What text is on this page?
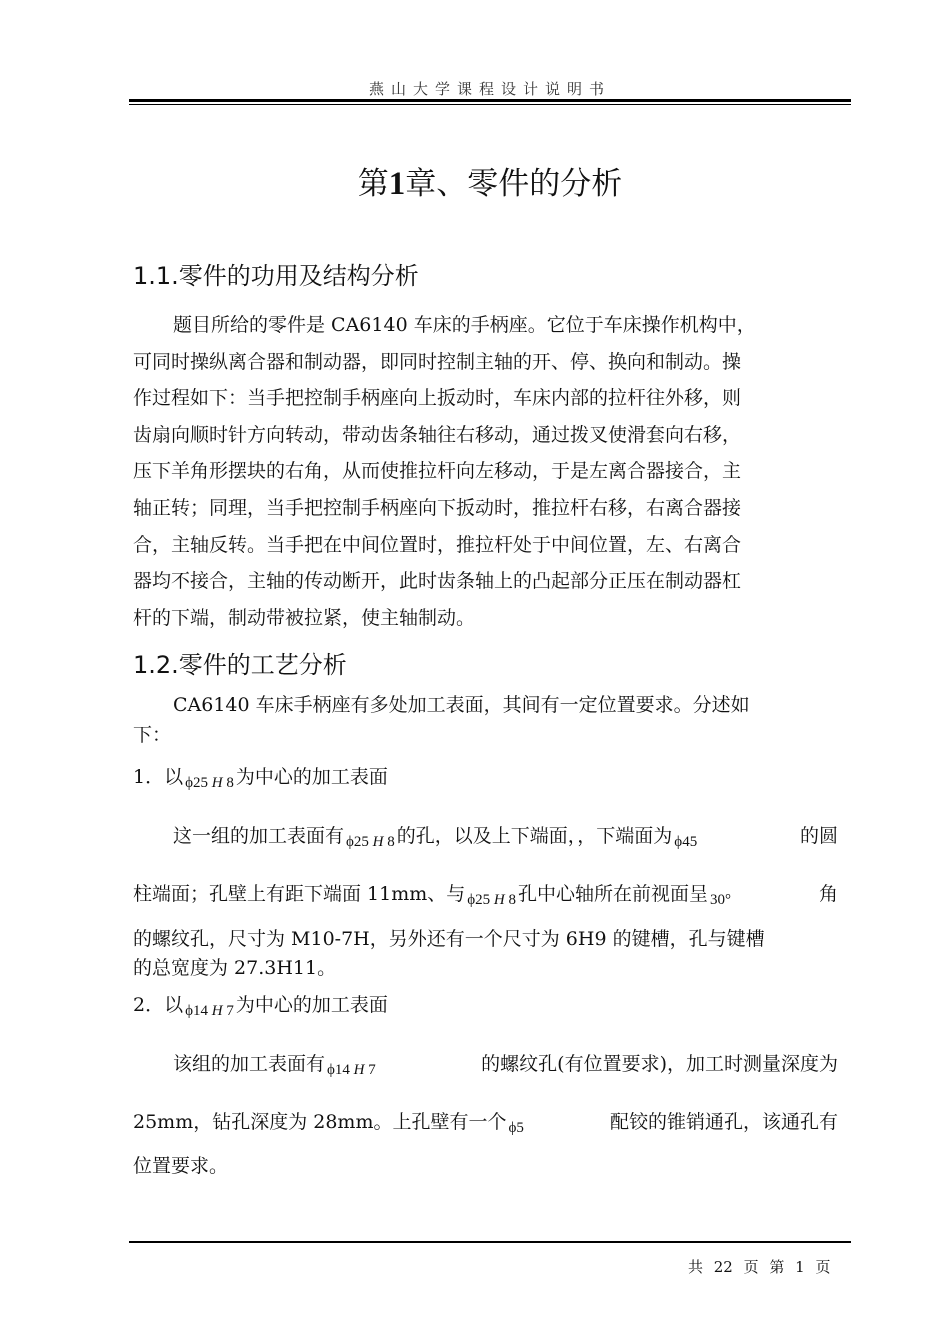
燕山大学课程设计说明书
第1章、零件的分析
1.1.零件的功用及结构分析
题目所给的零件是 CA6140 车床的手柄座。它位于车床操作机构中，
可同时操纵离合器和制动器，即同时控制主轴的开、停、换向和制动。操
作过程如下：当手把控制手柄座向上扳动时，车床内部的拉杆往外移，则
齿扇向顺时针方向转动，带动齿条轴往右移动，通过拨叉使滑套向右移，
压下羊角形摆块的右角，从而使推拉杆向左移动，于是左离合器接合，主
轴正转；同理，当手把控制手柄座向下扳动时，推拉杆右移，右离合器接
合，主轴反转。当手把在中间位置时，推拉杆处于中间位置，左、右离合
器均不接合，主轴的传动断开，此时齿条轴上的凸起部分正压在制动器杠
杆的下端，制动带被拉紧，使主轴制动。
1.2.零件的工艺分析
CA6140 车床手柄座有多处加工表面，其间有一定位置要求。分述如
下：
1．以 $_{\phi 25 H 8}$ 为中心的加工表面
这一组的加工表面有 $_{\phi 25 H 8}$ 的孔，以及上下端面，，下端面为 $_{\phi 45}$	的圆
柱端面；孔壁上有距下端面 11mm、与 $_{\phi 25 H 8}$ 孔中心轴所在前视面呈 $_{30^\circ}$	角
的螺纹孔，尺寸为 M10-7H，另外还有一个尺寸为 6H9 的键槽，孔与键槽
的总宽度为 27.3H11。
2．以 $_{\phi 14 H 7}$ 为中心的加工表面
该组的加工表面有 $_{\phi 14 H 7}$	的螺纹孔(有位置要求)，加工时测量深度为
25mm，钻孔深度为 28mm。上孔壁有一个 $_{\phi 5}$	配铰的锥销通孔，该通孔有
位置要求。
共 22 页 第 1 页
